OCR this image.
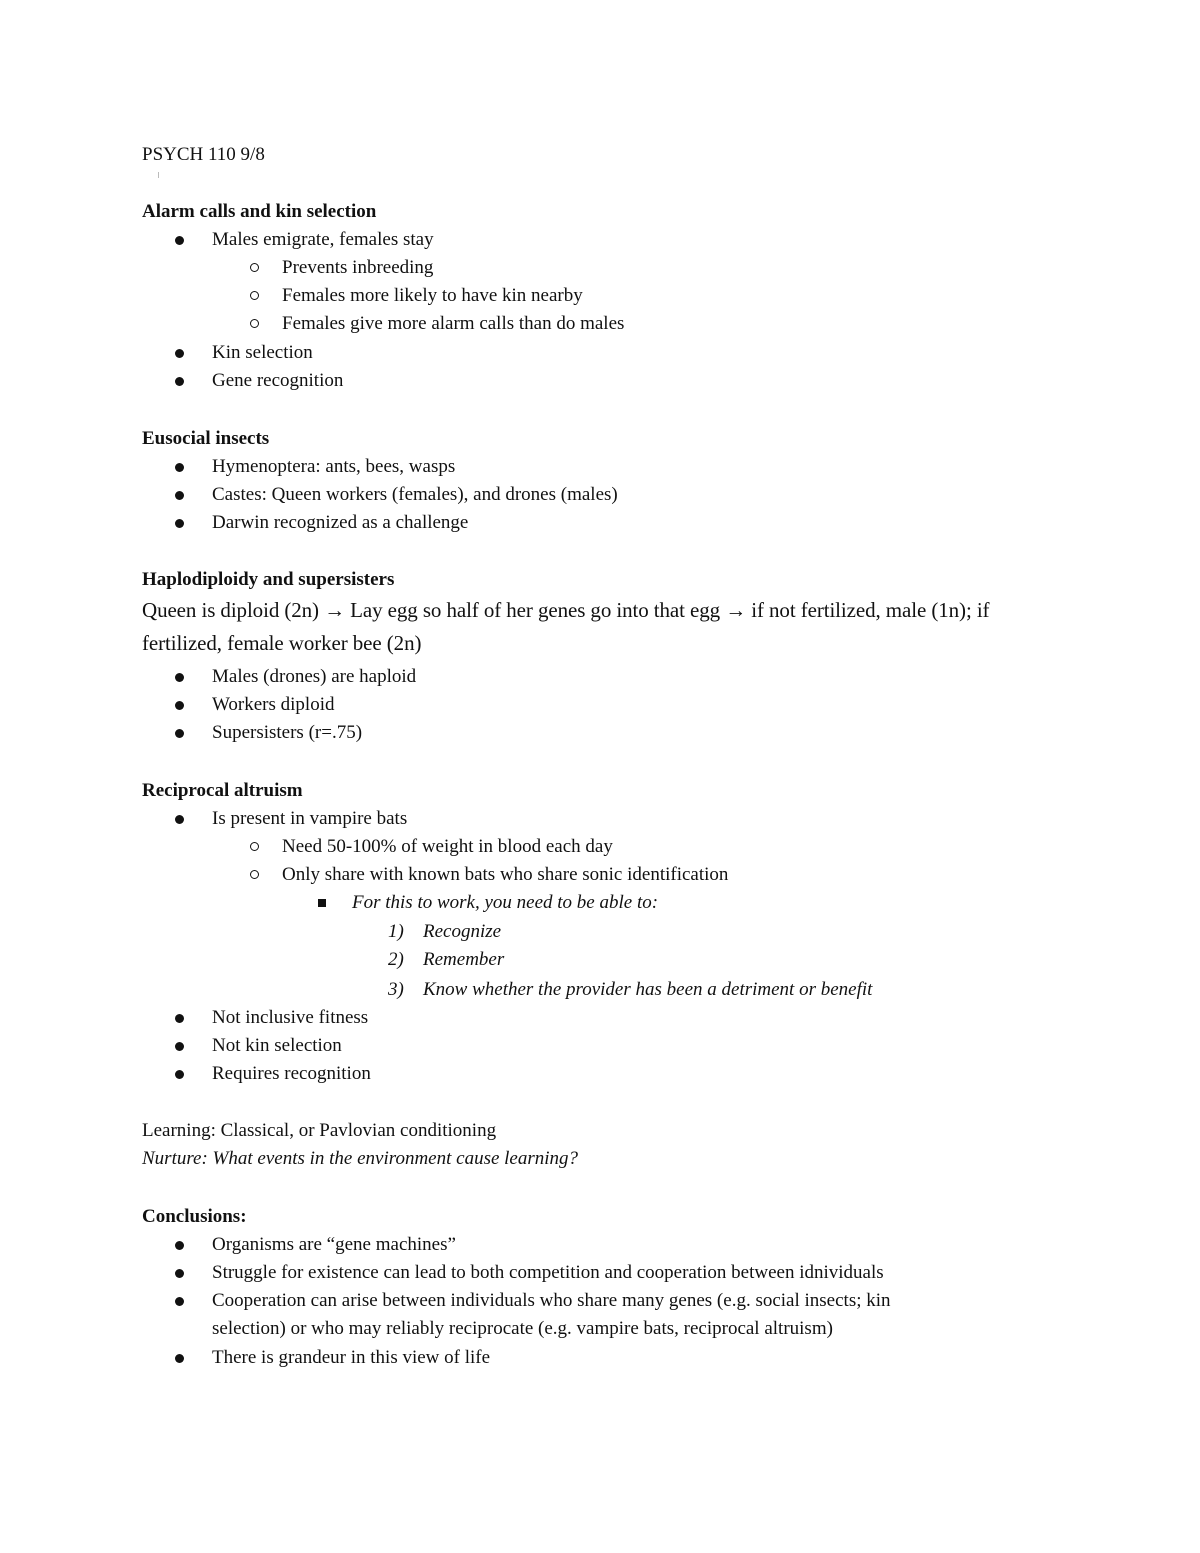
PSYCH 110 9/8
Alarm calls and kin selection
Males emigrate, females stay
Prevents inbreeding
Females more likely to have kin nearby
Females give more alarm calls than do males
Kin selection
Gene recognition
Eusocial insects
Hymenoptera: ants, bees, wasps
Castes: Queen workers (females), and drones (males)
Darwin recognized as a challenge
Haplodiploidy and supersisters
Queen is diploid (2n) → Lay egg so half of her genes go into that egg → if not fertilized, male (1n); if
fertilized, female worker bee (2n)
Males (drones) are haploid
Workers diploid
Supersisters (r=.75)
Reciprocal altruism
Is present in vampire bats
Need 50-100% of weight in blood each day
Only share with known bats who share sonic identification
For this to work, you need to be able to:
1) Recognize
2) Remember
3) Know whether the provider has been a detriment or benefit
Not inclusive fitness
Not kin selection
Requires recognition
Learning: Classical, or Pavlovian conditioning
Nurture: What events in the environment cause learning?
Conclusions:
Organisms are “gene machines”
Struggle for existence can lead to both competition and cooperation between idnividuals
Cooperation can arise between individuals who share many genes (e.g. social insects; kin
selection) or who may reliably reciprocate (e.g. vampire bats, reciprocal altruism)
There is grandeur in this view of life
